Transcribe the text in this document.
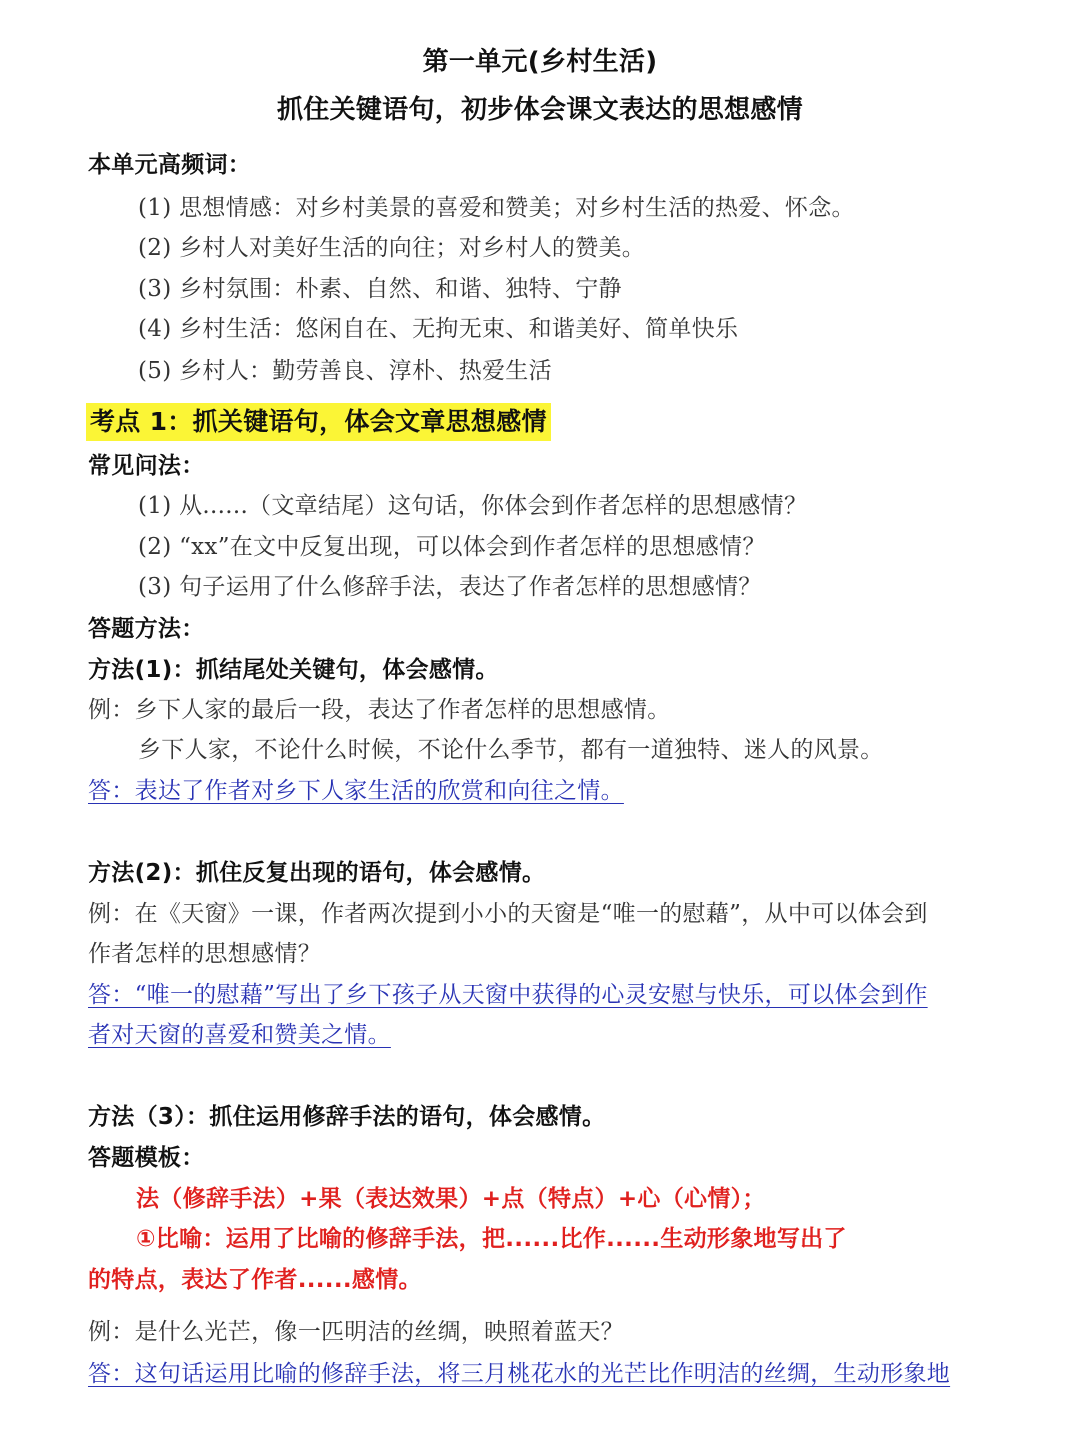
第一单元(乡村生活)
抓住关键语句，初步体会课文表达的思想感情
本单元高频词：
(1) 思想情感：对乡村美景的喜爱和赞美；对乡村生活的热爱、怀念。
(2) 乡村人对美好生活的向往；对乡村人的赞美。
(3) 乡村氛围：朴素、自然、和谐、独特、宁静
(4) 乡村生活：悠闲自在、无拘无束、和谐美好、简单快乐
(5) 乡村人：勤劳善良、淳朴、热爱生活
考点 1：抓关键语句，体会文章思想感情
常见问法：
(1) 从......（文章结尾）这句话，你体会到作者怎样的思想感情？
(2) “xx”在文中反复出现，可以体会到作者怎样的思想感情？
(3) 句子运用了什么修辞手法，表达了作者怎样的思想感情？
答题方法：
方法(1)：抓结尾处关键句，体会感情。
例：乡下人家的最后一段，表达了作者怎样的思想感情。
乡下人家，不论什么时候，不论什么季节，都有一道独特、迷人的风景。
答：表达了作者对乡下人家生活的欣赏和向往之情。
方法(2)：抓住反复出现的语句，体会感情。
例：在《天窗》一课，作者两次提到小小的天窗是“唯一的慰藉”，从中可以体会到
作者怎样的思想感情？
答：“唯一的慰藉”写出了乡下孩子从天窗中获得的心灵安慰与快乐，可以体会到作
者对天窗的喜爱和赞美之情。
方法（3）：抓住运用修辞手法的语句，体会感情。
答题模板：
法（修辞手法）+果（表达效果）+点（特点）+心（心情）；
①比喻：运用了比喻的修辞手法，把......比作......生动形象地写出了
的特点，表达了作者......感情。
例：是什么光芒，像一匹明洁的丝绸，映照着蓝天？
答：这句话运用比喻的修辞手法，将三月桃花水的光芒比作明洁的丝绸，生动形象地
